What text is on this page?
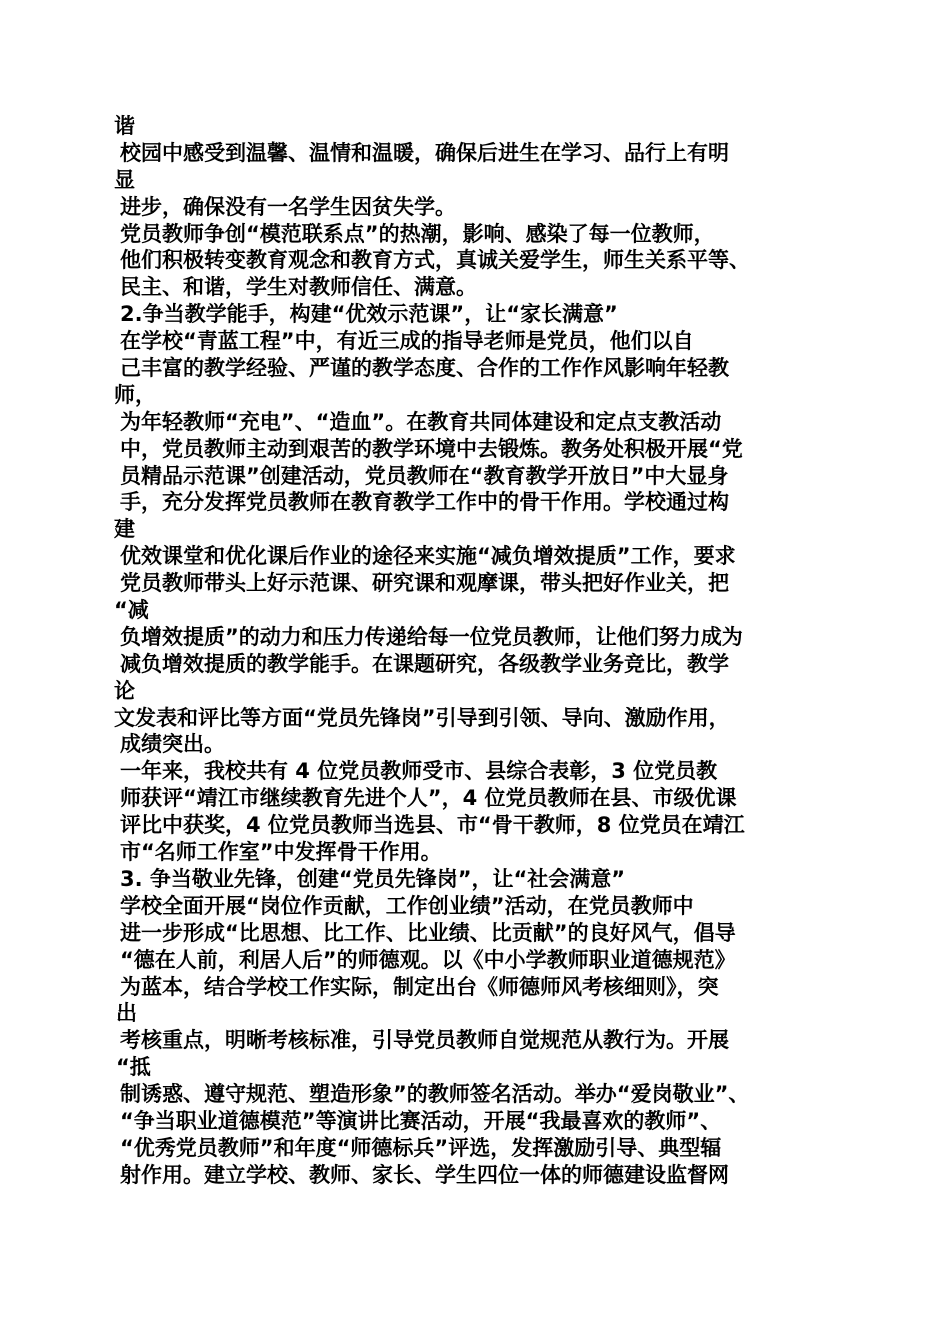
谐
校园中感受到温馨、温情和温暖，确保后进生在学习、品行上有明
显
进步，确保没有一名学生因贫失学。
党员教师争创“模范联系点”的热潮，影响、感染了每一位教师，
他们积极转变教育观念和教育方式，真诚关爱学生，师生关系平等、
民主、和谐，学生对教师信任、满意。
2.争当教学能手，构建“优效示范课”，让“家长满意”
在学校“青蓝工程”中，有近三成的指导老师是党员，他们以自
己丰富的教学经验、严谨的教学态度、合作的工作作风影响年轻教
师，
为年轻教师“充电”、“造血”。在教育共同体建设和定点支教活动
中，党员教师主动到艰苦的教学环境中去锻炼。教务处积极开展“党
员精品示范课”创建活动，党员教师在“教育教学开放日”中大显身
手，充分发挥党员教师在教育教学工作中的骨干作用。学校通过构
建
优效课堂和优化课后作业的途径来实施“减负增效提质”工作，要求
党员教师带头上好示范课、研究课和观摩课，带头把好作业关，把
“减
负增效提质”的动力和压力传递给每一位党员教师，让他们努力成为
减负增效提质的教学能手。在课题研究，各级教学业务竞比，教学
论
文发表和评比等方面“党员先锋岗”引导到引领、导向、激励作用，
成绩突出。
一年来，我校共有 4 位党员教师受市、县综合表彰，3 位党员教
师获评“靖江市继续教育先进个人”，4 位党员教师在县、市级优课
评比中获奖，4 位党员教师当选县、市“骨干教师，8 位党员在靖江
市“名师工作室”中发挥骨干作用。
3. 争当敬业先锋，创建“党员先锋岗”，让“社会满意”
学校全面开展“岗位作贡献，工作创业绩”活动，在党员教师中
进一步形成“比思想、比工作、比业绩、比贡献”的良好风气，倡导
“德在人前，利居人后”的师德观。以《中小学教师职业道德规范》
为蓝本，结合学校工作实际，制定出台《师德师风考核细则》，突
出
考核重点，明晰考核标准，引导党员教师自觉规范从教行为。开展
“抵
制诱惑、遵守规范、塑造形象”的教师签名活动。举办“爱岗敬业”、
“争当职业道德模范”等演讲比赛活动，开展“我最喜欢的教师”、
“优秀党员教师”和年度“师德标兵”评选，发挥激励引导、典型辐
射作用。建立学校、教师、家长、学生四位一体的师德建设监督网
